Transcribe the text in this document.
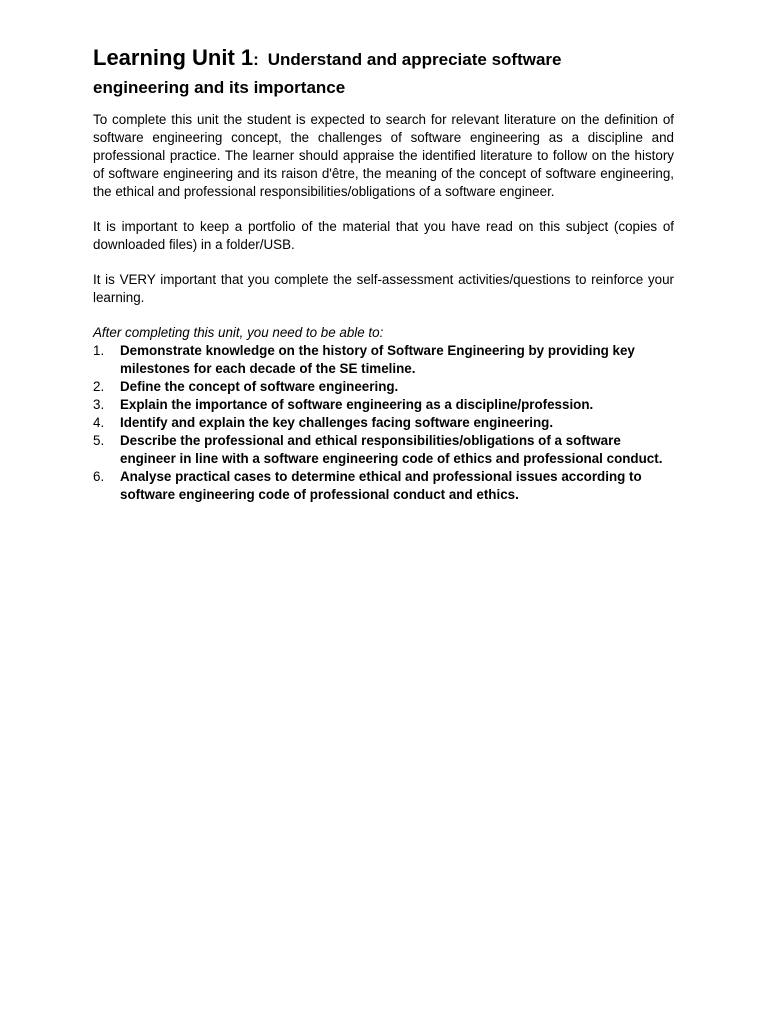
Learning Unit 1: Understand and appreciate software
engineering and its importance

To complete this unit the student is expected to search for relevant literature on the definition of software engineering concept, the challenges of software engineering as a discipline and professional practice. The learner should appraise the identified literature to follow on the history of software engineering and its raison d'être, the meaning of the concept of software engineering, the ethical and professional responsibilities/obligations of a software engineer.

It is important to keep a portfolio of the material that you have read on this subject (copies of downloaded files) in a folder/USB.

It is VERY important that you complete the self-assessment activities/questions to reinforce your learning.

After completing this unit, you need to be able to:

1.	Demonstrate knowledge on the history of Software Engineering by providing key milestones for each decade of the SE timeline.
2.	Define the concept of software engineering.
3.	Explain the importance of software engineering as a discipline/profession.
4.	Identify and explain the key challenges facing software engineering.
5.	Describe the professional and ethical responsibilities/obligations of a software engineer in line with a software engineering code of ethics and professional conduct.
6.	Analyse practical cases to determine ethical and professional issues according to software engineering code of professional conduct and ethics.
